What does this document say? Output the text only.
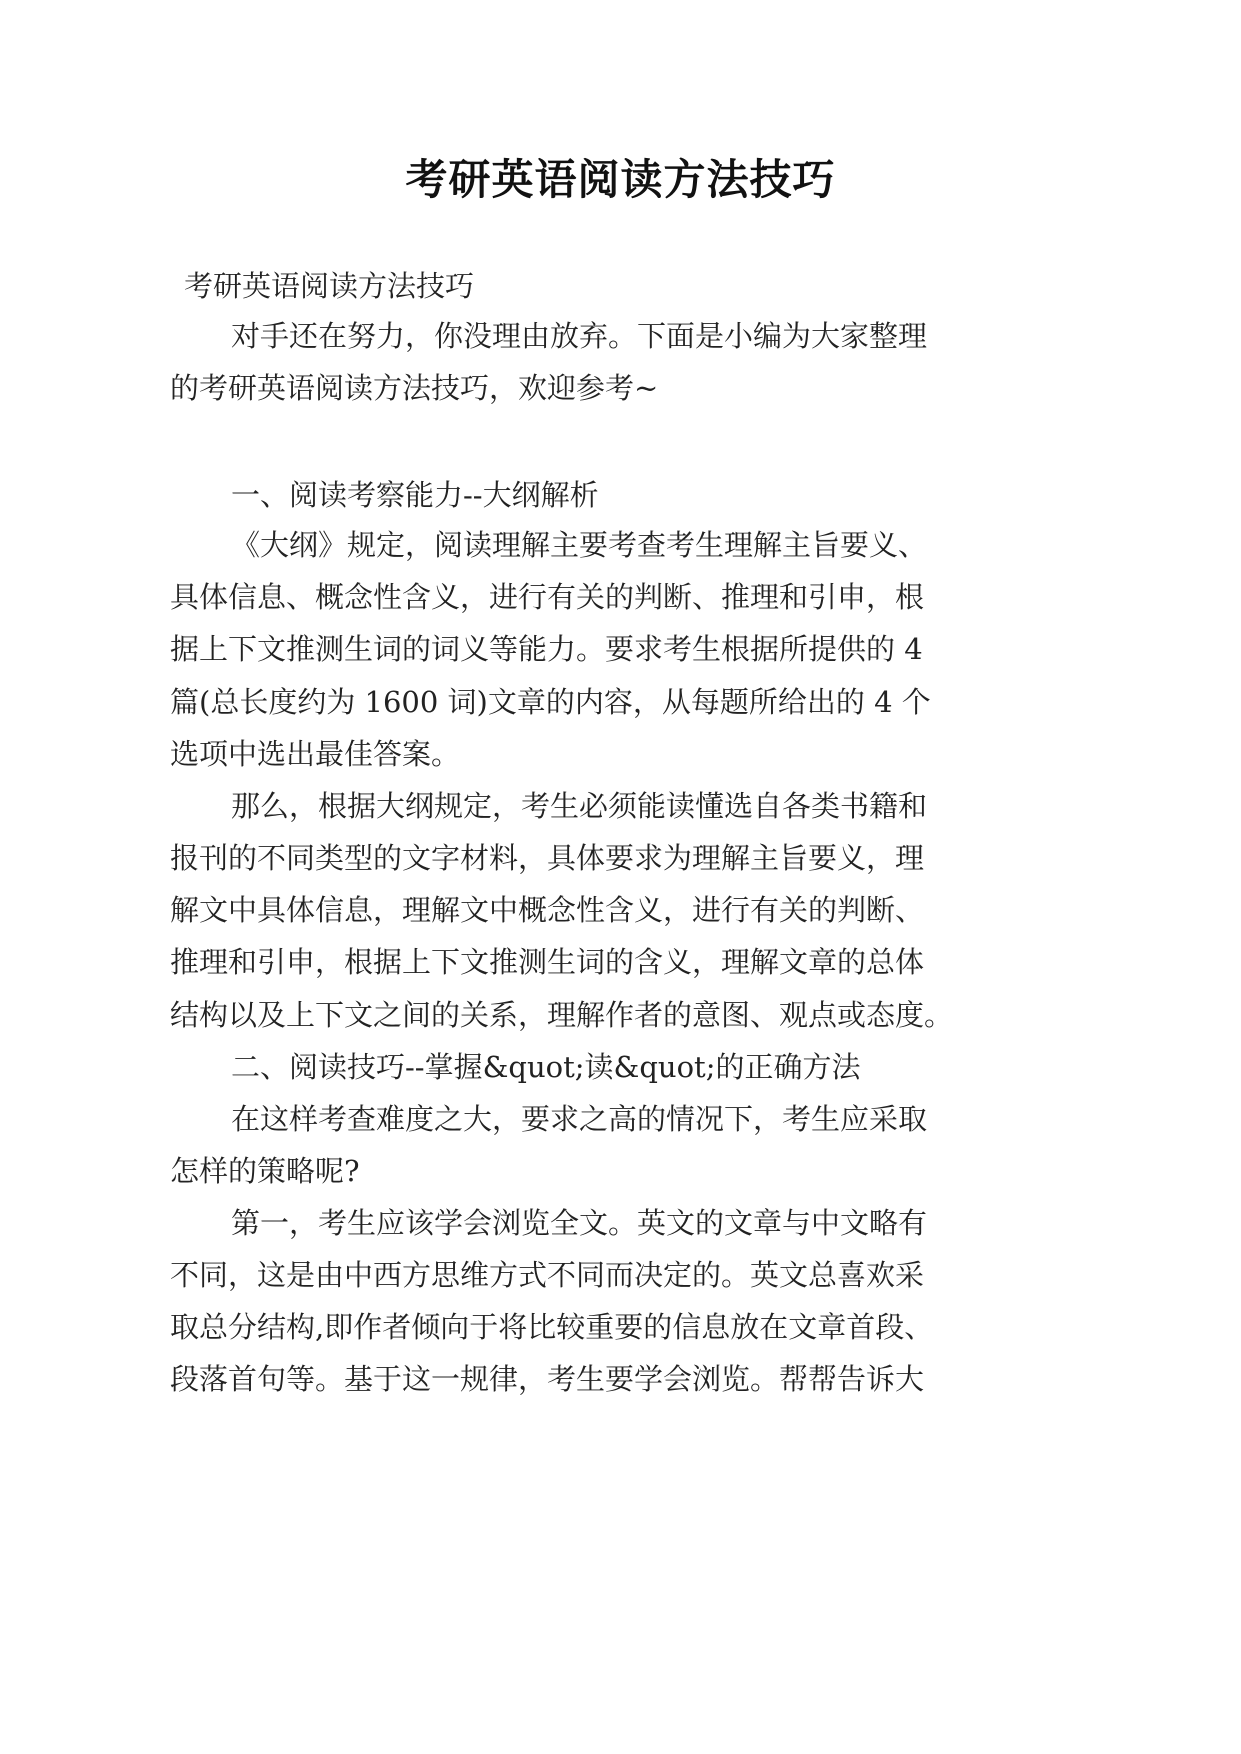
考研英语阅读方法技巧
考研英语阅读方法技巧
对手还在努力，你没理由放弃。下面是小编为大家整理
的考研英语阅读方法技巧，欢迎参考~
一、阅读考察能力--大纲解析
《大纲》规定，阅读理解主要考查考生理解主旨要义、
具体信息、概念性含义，进行有关的判断、推理和引申，根
据上下文推测生词的词义等能力。要求考生根据所提供的 4
篇(总长度约为 1600 词)文章的内容，从每题所给出的 4 个
选项中选出最佳答案。
那么，根据大纲规定，考生必须能读懂选自各类书籍和
报刊的不同类型的文字材料，具体要求为理解主旨要义，理
解文中具体信息，理解文中概念性含义，进行有关的判断、
推理和引申，根据上下文推测生词的含义，理解文章的总体
结构以及上下文之间的关系，理解作者的意图、观点或态度。
二、阅读技巧--掌握&quot;读&quot;的正确方法
在这样考查难度之大，要求之高的情况下，考生应采取
怎样的策略呢?
第一，考生应该学会浏览全文。英文的文章与中文略有
不同，这是由中西方思维方式不同而决定的。英文总喜欢采
取总分结构,即作者倾向于将比较重要的信息放在文章首段、
段落首句等。基于这一规律，考生要学会浏览。帮帮告诉大
